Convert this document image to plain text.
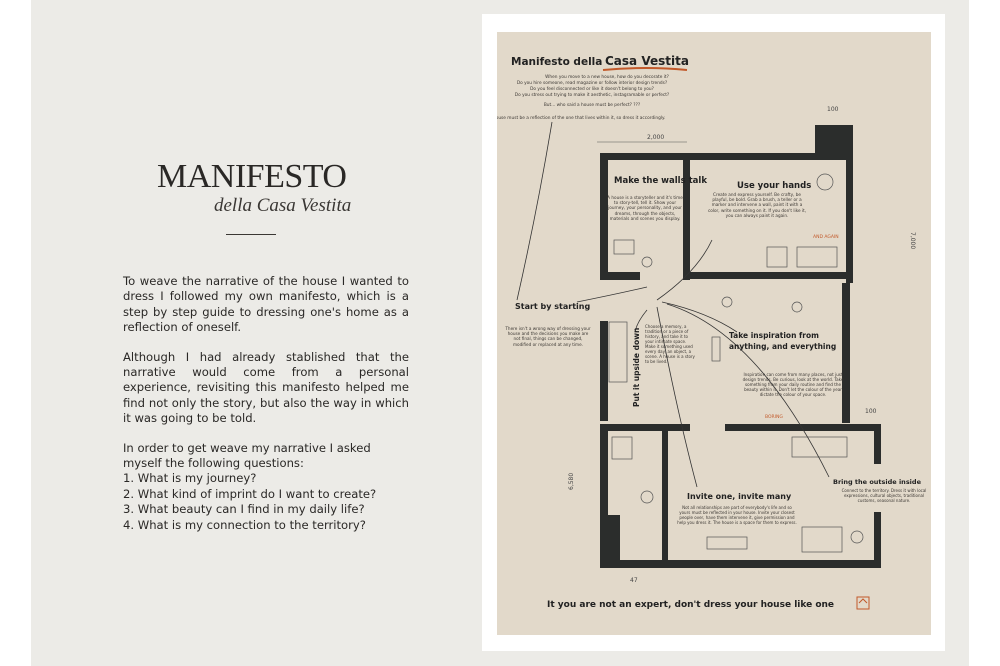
MANIFESTO
della Casa Vestita

To weave the narrative of the house I wanted to dress I followed my own manifesto, which is a step by step guide to dressing one's home as a reflection of oneself.

Although I had already stablished that the narrative would come from a personal experience, revisiting this manifesto helped me find not only the story, but also the way in which it was going to be told.

In order to get weave my narrative I asked myself the following questions:

1. What is my journey?

2. What kind of imprint do I want to create?

3. What beauty can I find in my daily life?

4. What is my connection to the territory?

Manifesto della Casa Vestita
When you move to a new house, how do you decorate it?
Do you hire someone, read magazine or follow interior design trends?
Do you feel disconnected or like it doesn't belong to you?
Do you stress out trying to make it aesthetic, instagramable or perfect?
But... who said a house must be perfect? ???
A house must be a reflection of the one that lives within it, so dress it accordingly.
2,000
100
7,000
6,580
47
100
Make the walls talk
A house is a storyteller and it's time to story-tell, tell it. Show your journey, your personality, and your dreams, through the objects, materials and scenes you display.
Use your hands
Create and express yourself. Be crafty, be playful, be bold. Grab a brush, a teller or a marker and intervene a wall, paint it with a color, write something on it. If you don't like it, you can always paint it again.
AND AGAIN
Start by starting
There isn't a wrong way of dressing your house and the decisions you make are not final, things can be changed, modified or replaced at any time.	Put it upside down
Choose a memory, a tradition or a piece of history, and take it to your intimate space. Make it something used every day, an object, a scene. A house is a story to be lived.
Take inspiration from anything, and everything
Inspiration can come from many places, not just design trends. Be curious, look at the world. Take something from your daily routine and find the beauty within it. Don't let the colour of the year dictate the colour of your space.
BORING
Bring the outside inside
Connect to the territory. Dress it with local expressions, cultural objects, traditional customs, seasonal nature.
Invite one, invite many
Not all relationships are part of everybody's life and so yours must be reflected in your house. Invite your closest people over, have them intervene it, give permission and help you dress it. The house is a space for them to express.
It you are not an expert, don't dress your house like one
